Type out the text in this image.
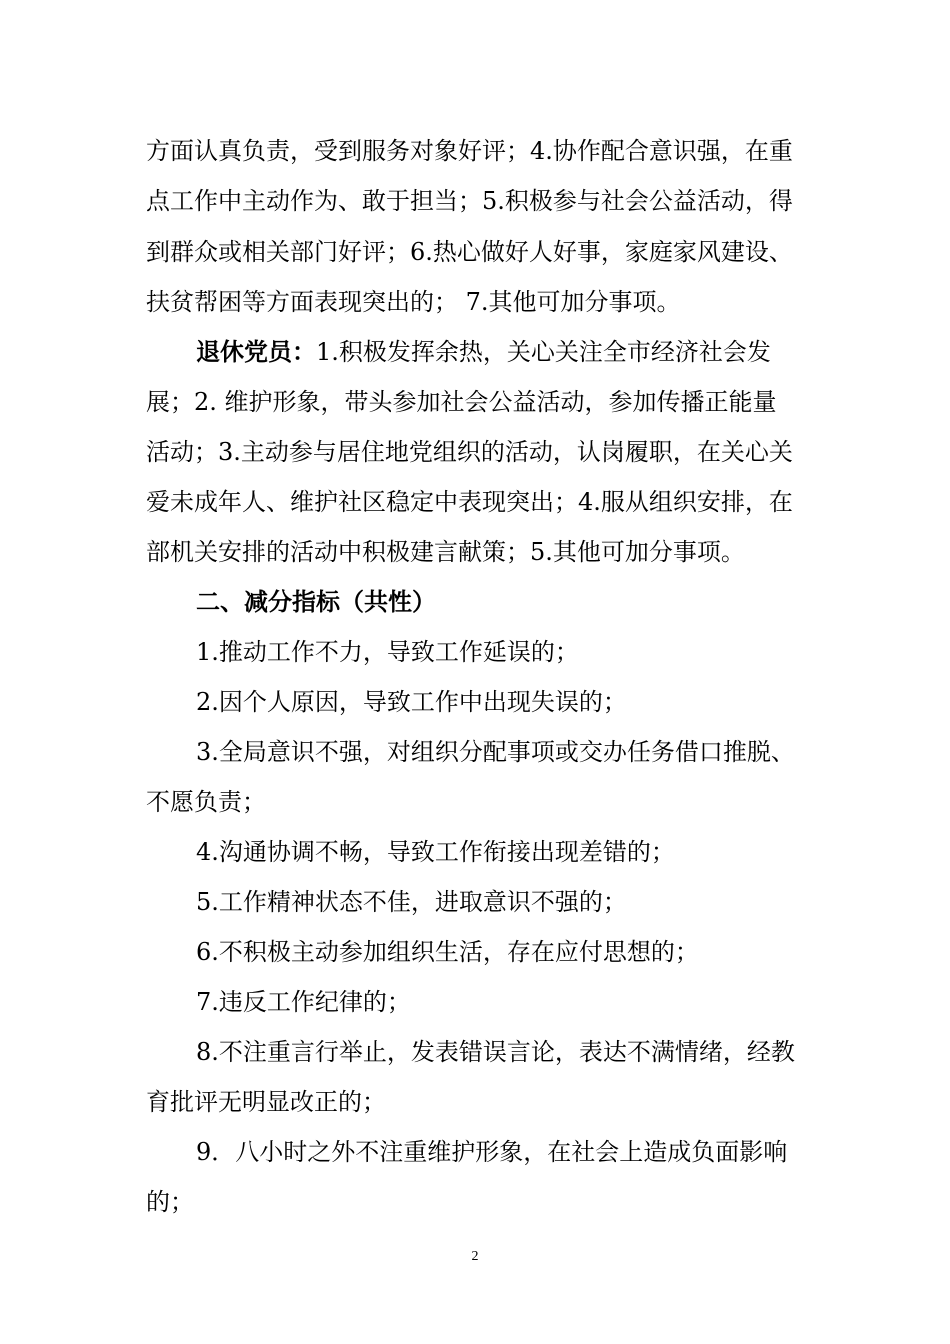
方面认真负责，受到服务对象好评；4.协作配合意识强，在重
点工作中主动作为、敢于担当；5.积极参与社会公益活动，得
到群众或相关部门好评；6.热心做好人好事，家庭家风建设、
扶贫帮困等方面表现突出的； 7.其他可加分事项。
退休党员：1.积极发挥余热，关心关注全市经济社会发
展；2. 维护形象，带头参加社会公益活动，参加传播正能量
活动；3.主动参与居住地党组织的活动，认岗履职，在关心关
爱未成年人、维护社区稳定中表现突出；4.服从组织安排，在
部机关安排的活动中积极建言献策；5.其他可加分事项。
二、减分指标（共性）
1.推动工作不力，导致工作延误的；
2.因个人原因，导致工作中出现失误的；
3.全局意识不强，对组织分配事项或交办任务借口推脱、
不愿负责；
4.沟通协调不畅，导致工作衔接出现差错的；
5.工作精神状态不佳，进取意识不强的；
6.不积极主动参加组织生活，存在应付思想的；
7.违反工作纪律的；
8.不注重言行举止，发表错误言论，表达不满情绪，经教
育批评无明显改正的；
9．八小时之外不注重维护形象，在社会上造成负面影响
的；
2
